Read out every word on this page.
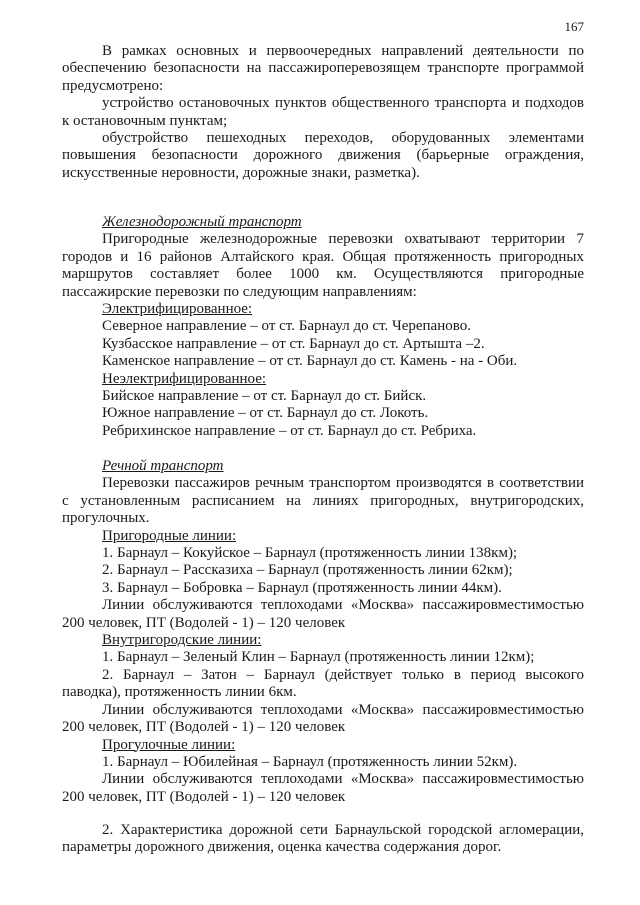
167

В рамках основных и первоочередных направлений деятельности по обеспечению безопасности на пассажироперевозящем транспорте программой предусмотрено:

устройство остановочных пунктов общественного транспорта и подходов к остановочным пунктам;

обустройство пешеходных переходов, оборудованных элементами повышения безопасности дорожного движения (барьерные ограждения, искусственные неровности, дорожные знаки, разметка).

Железнодорожный транспорт

Пригородные железнодорожные перевозки охватывают территории 7 городов и 16 районов Алтайского края. Общая протяженность пригородных маршрутов составляет более 1000 км. Осуществляются пригородные пассажирские перевозки по следующим направлениям:

Электрифицированное:

Северное направление – от ст. Барнаул до ст. Черепаново.

Кузбасское направление – от ст. Барнаул до ст. Артышта –2.

Каменское направление – от ст. Барнаул до ст. Камень - на - Оби.

Неэлектрифицированное:

Бийское направление – от ст. Барнаул до ст. Бийск.

Южное направление – от ст. Барнаул до ст. Локоть.

Ребрихинское направление – от ст. Барнаул до ст. Ребриха.

Речной транспорт

Перевозки пассажиров речным транспортом производятся в соответствии с установленным расписанием на линиях пригородных, внутригородских, прогулочных.

Пригородные линии:

1. Барнаул – Кокуйское – Барнаул (протяженность линии 138км);

2. Барнаул – Рассказиха – Барнаул (протяженность линии 62км);

3. Барнаул – Бобровка – Барнаул (протяженность линии 44км).

Линии обслуживаются теплоходами «Москва» пассажировместимостью 200 человек, ПТ (Водолей - 1) – 120 человек

Внутригородские линии:

1. Барнаул – Зеленый Клин – Барнаул (протяженность линии 12км);

2. Барнаул – Затон – Барнаул (действует только в период высокого паводка), протяженность линии 6км.

Линии обслуживаются теплоходами «Москва» пассажировместимостью 200 человек, ПТ (Водолей - 1) – 120 человек

Прогулочные линии:

1. Барнаул – Юбилейная – Барнаул (протяженность линии 52км).

Линии обслуживаются теплоходами «Москва» пассажировместимостью 200 человек, ПТ (Водолей - 1) – 120 человек

2. Характеристика дорожной сети Барнаульской городской агломерации, параметры дорожного движения, оценка качества содержания дорог.
